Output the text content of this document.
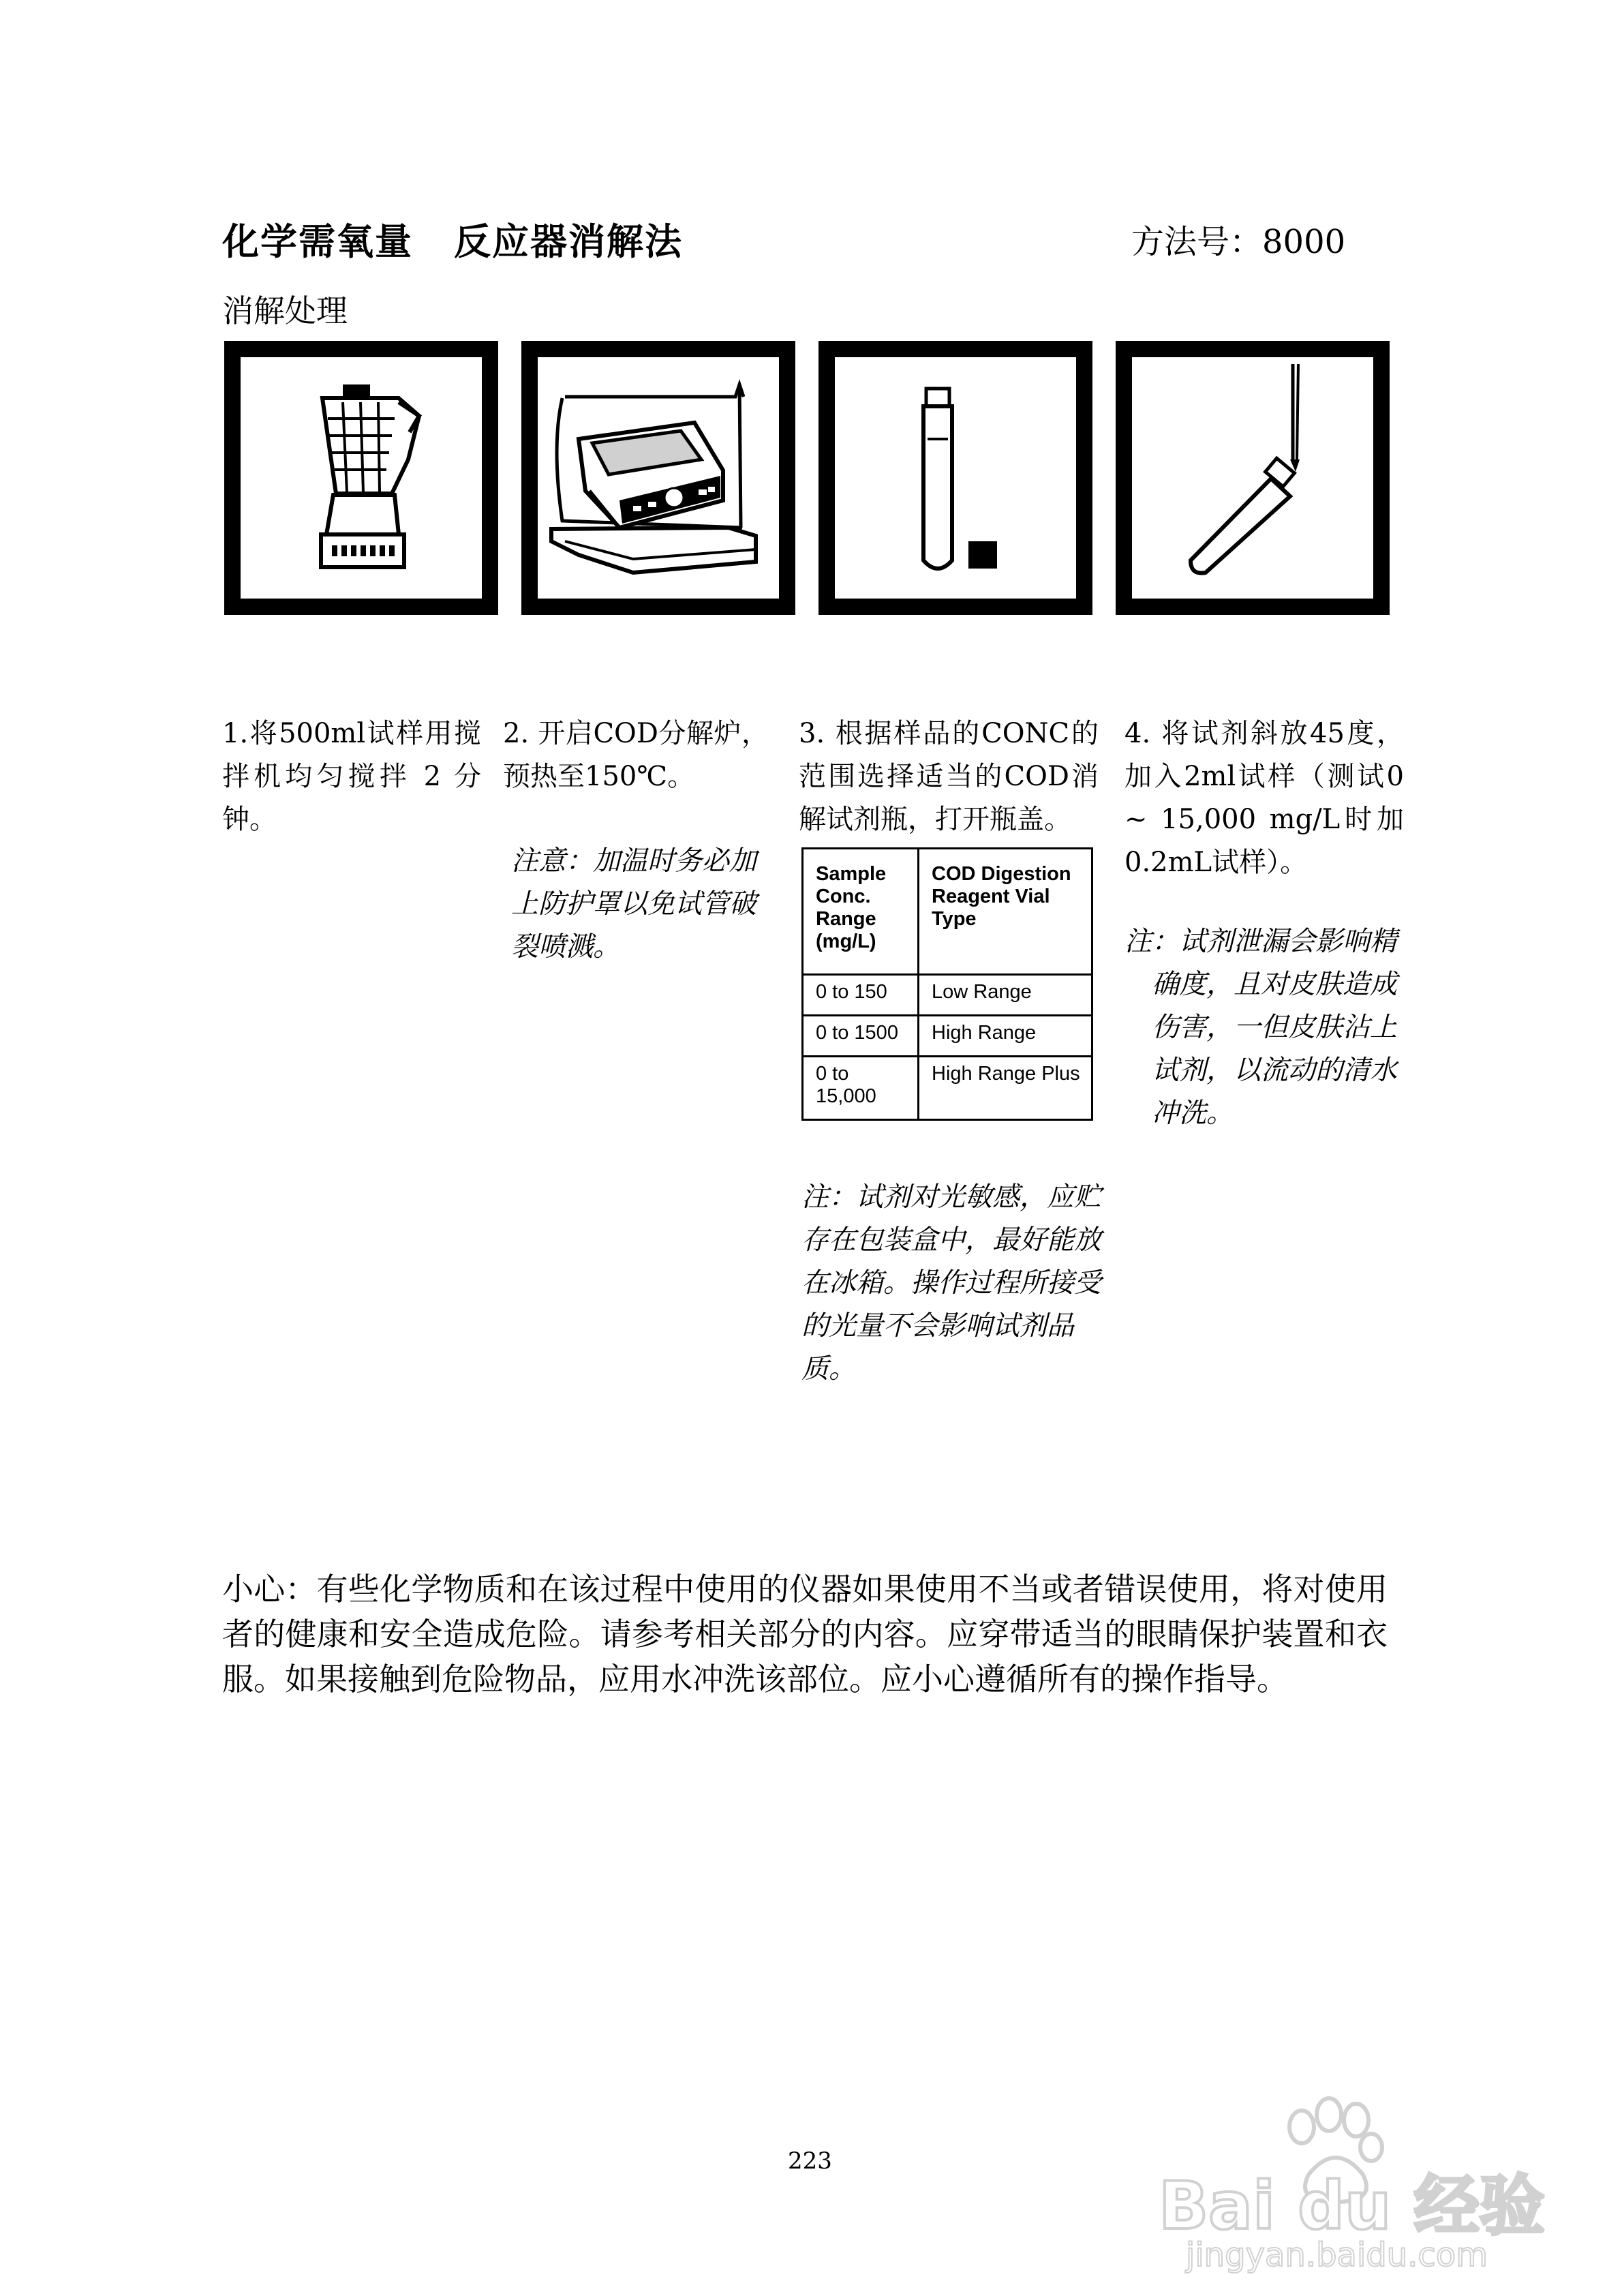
化学需氧量 反应器消解法	方法号：8000
消解处理
1.将500ml试样用搅拌机均匀搅拌 2 分钟。
2. 开启COD分解炉，预热至150℃。
注意：加温时务必加上防护罩以免试管破裂喷溅。
3. 根据样品的CONC的范围选择适当的COD消解试剂瓶，打开瓶盖。
Sample Conc. Range (mg/L)	COD Digestion Reagent Vial Type
0 to 150	Low Range
0 to 1500	High Range
0 to 15,000	High Range Plus
注：试剂对光敏感，应贮存在包装盒中，最好能放在冰箱。操作过程所接受的光量不会影响试剂品质。
4. 将试剂斜放45度，加入2ml试样（测试0 ~ 15,000 mg/L时加0.2mL试样）。
注：试剂泄漏会影响精确度，且对皮肤造成伤害，一但皮肤沾上试剂，以流动的清水冲洗。
小心：有些化学物质和在该过程中使用的仪器如果使用不当或者错误使用，将对使用者的健康和安全造成危险。请参考相关部分的内容。应穿带适当的眼睛保护装置和衣服。如果接触到危险物品，应用水冲洗该部位。应小心遵循所有的操作指导。
223
Bai du 经验
jingyan.baidu.com
